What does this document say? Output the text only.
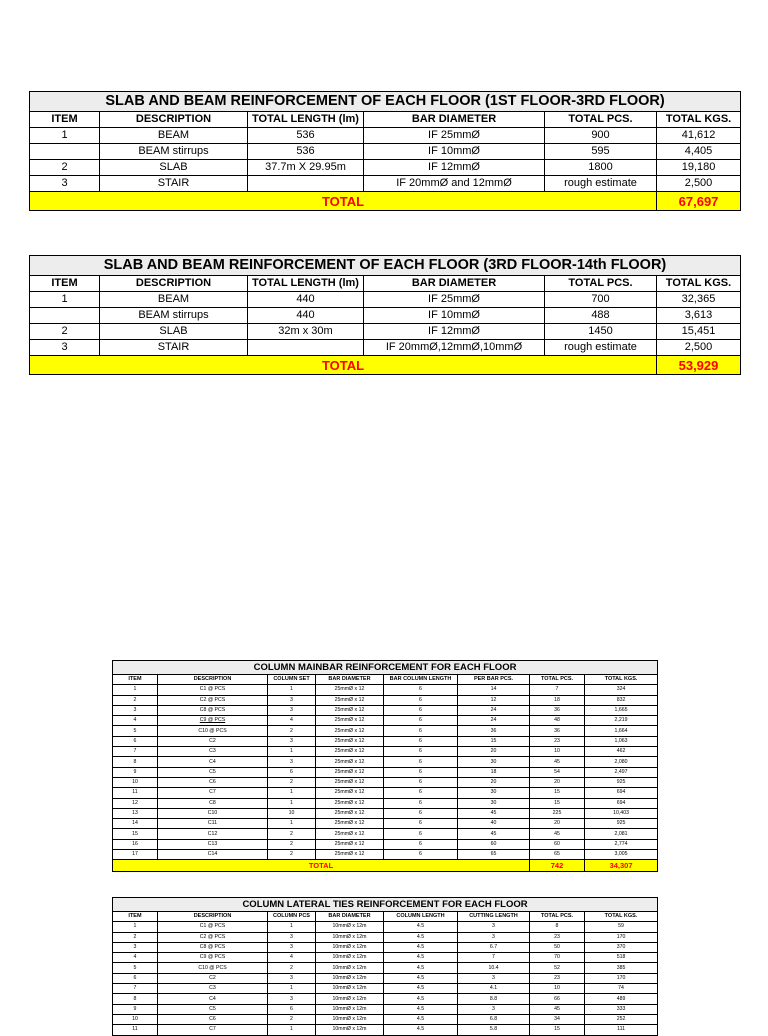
SLAB AND BEAM REINFORCEMENT OF EACH FLOOR (1ST FLOOR-3RD FLOOR)					
ITEM	DESCRIPTION	TOTAL LENGTH (lm)	BAR DIAMETER	TOTAL PCS.	TOTAL KGS.
1	BEAM	536	IF 25mmØ	900	41,612
	BEAM stirrups	536	IF 10mmØ	595	4,405
2	SLAB	37.7m X 29.95m	IF 12mmØ	1800	19,180
3	STAIR		IF 20mmØ and 12mmØ	rough estimate	2,500
TOTAL					67,697
SLAB AND BEAM REINFORCEMENT OF EACH FLOOR (3RD FLOOR-14th FLOOR)					
ITEM	DESCRIPTION	TOTAL LENGTH (lm)	BAR DIAMETER	TOTAL PCS.	TOTAL KGS.
1	BEAM	440	IF 25mmØ	700	32,365
	BEAM stirrups	440	IF 10mmØ	488	3,613
2	SLAB	32m x 30m	IF 12mmØ	1450	15,451
3	STAIR		IF 20mmØ,12mmØ,10mmØ	rough estimate	2,500
TOTAL					53,929
COLUMN MAINBAR REINFORCEMENT FOR EACH FLOOR							
ITEM	DESCRIPTION	COLUMN SET	BAR DIAMETER	BAR COLUMN LENGTH	PER BAR PCS.	TOTAL PCS.	TOTAL KGS.
1	C1 @ PCS	1	25mmØ x 12	6	14	7	324
2	C2 @ PCS	3	25mmØ x 12	6	12	18	832
3	C8 @ PCS	3	25mmØ x 12	6	24	36	1,665
4	C9 @ PCS	4	25mmØ x 12	6	24	48	2,219
5	C10 @ PCS	2	25mmØ x 12	6	36	36	1,664
6	C2	3	25mmØ x 12	6	15	23	1,063
7	C3	1	25mmØ x 12	6	20	10	462
8	C4	3	25mmØ x 12	6	30	45	2,080
9	C5	6	25mmØ x 12	6	18	54	2,497
10	C6	2	25mmØ x 12	6	20	20	925
11	C7	1	25mmØ x 12	6	30	15	694
12	C8	1	25mmØ x 12	6	30	15	694
13	C10	10	25mmØ x 12	6	45	225	10,403
14	C11	1	25mmØ x 12	6	40	20	925
15	C12	2	25mmØ x 12	6	45	45	2,081
16	C13	2	25mmØ x 12	6	60	60	2,774
17	C14	2	25mmØ x 12	6	65	65	3,005
TOTAL						742	34,307
COLUMN LATERAL TIES REINFORCEMENT FOR EACH FLOOR							
ITEM	DESCRIPTION	COLUMN PCS	BAR DIAMETER	COLUMN LENGTH	CUTTING LENGTH	TOTAL PCS.	TOTAL KGS.
1	C1 @ PCS	1	10mmØ x 12m	4.5	3	8	59
2	C2 @ PCS	3	10mmØ x 12m	4.5	3	23	170
3	C8 @ PCS	3	10mmØ x 12m	4.5	6.7	50	370
4	C9 @ PCS	4	10mmØ x 12m	4.5	7	70	518
5	C10 @ PCS	2	10mmØ x 12m	4.5	10.4	52	385
6	C2	3	10mmØ x 12m	4.5	3	23	170
7	C3	1	10mmØ x 12m	4.5	4.1	10	74
8	C4	3	10mmØ x 12m	4.5	8.8	66	489
9	C5	6	10mmØ x 12m	4.5	3	45	333
10	C6	2	10mmØ x 12m	4.5	6.8	34	252
11	C7	1	10mmØ x 12m	4.5	5.8	15	111
